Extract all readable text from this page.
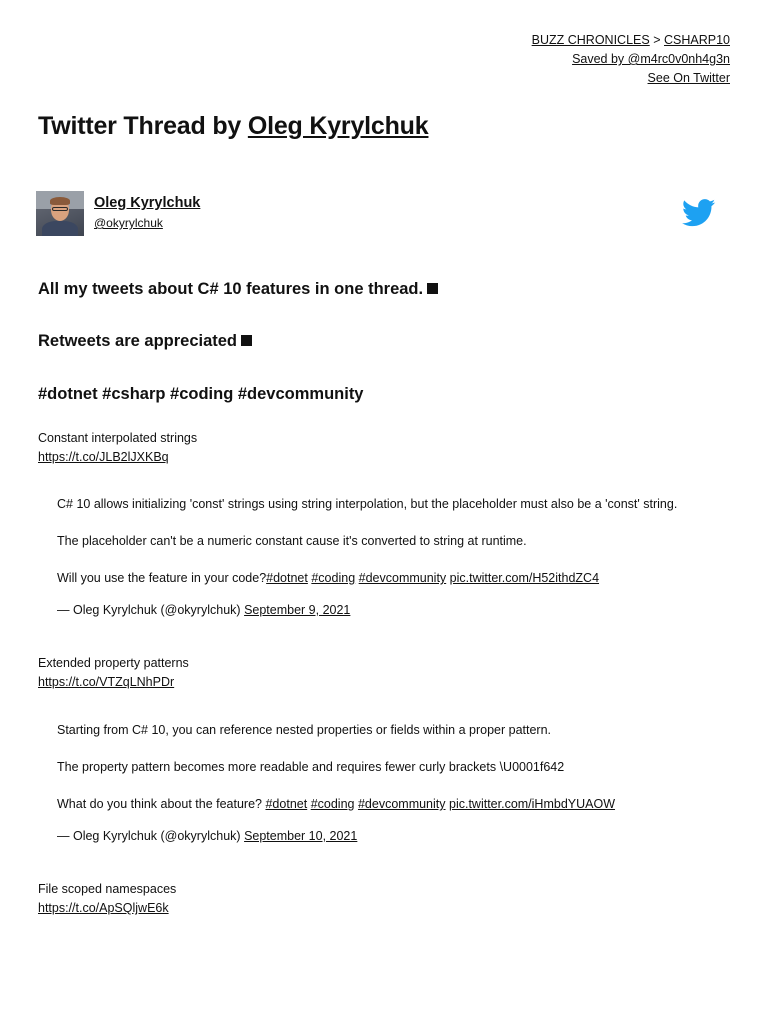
BUZZ CHRONICLES > CSHARP10
Saved by @m4rc0v0nh4g3n
See On Twitter
Twitter Thread by Oleg Kyrylchuk
Oleg Kyrylchuk
@okyrylchuk

All my tweets about C# 10 features in one thread.

Retweets are appreciated

#dotnet #csharp #coding #devcommunity

Constant interpolated strings
https://t.co/JLB2lJXKBq

C# 10 allows initializing 'const' strings using string interpolation, but the placeholder must also be a 'const' string.

The placeholder can't be a numeric constant cause it's converted to string at runtime.

Will you use the feature in your code?#dotnet #coding #devcommunity pic.twitter.com/H52ithdZC4

— Oleg Kyrylchuk (@okyrylchuk) September 9, 2021

Extended property patterns
https://t.co/VTZqLNhPDr

Starting from C# 10, you can reference nested properties or fields within a proper pattern.

The property pattern becomes more readable and requires fewer curly brackets \U0001f642

What do you think about the feature? #dotnet #coding #devcommunity pic.twitter.com/iHmbdYUAOW

— Oleg Kyrylchuk (@okyrylchuk) September 10, 2021

File scoped namespaces
https://t.co/ApSQljwE6k
